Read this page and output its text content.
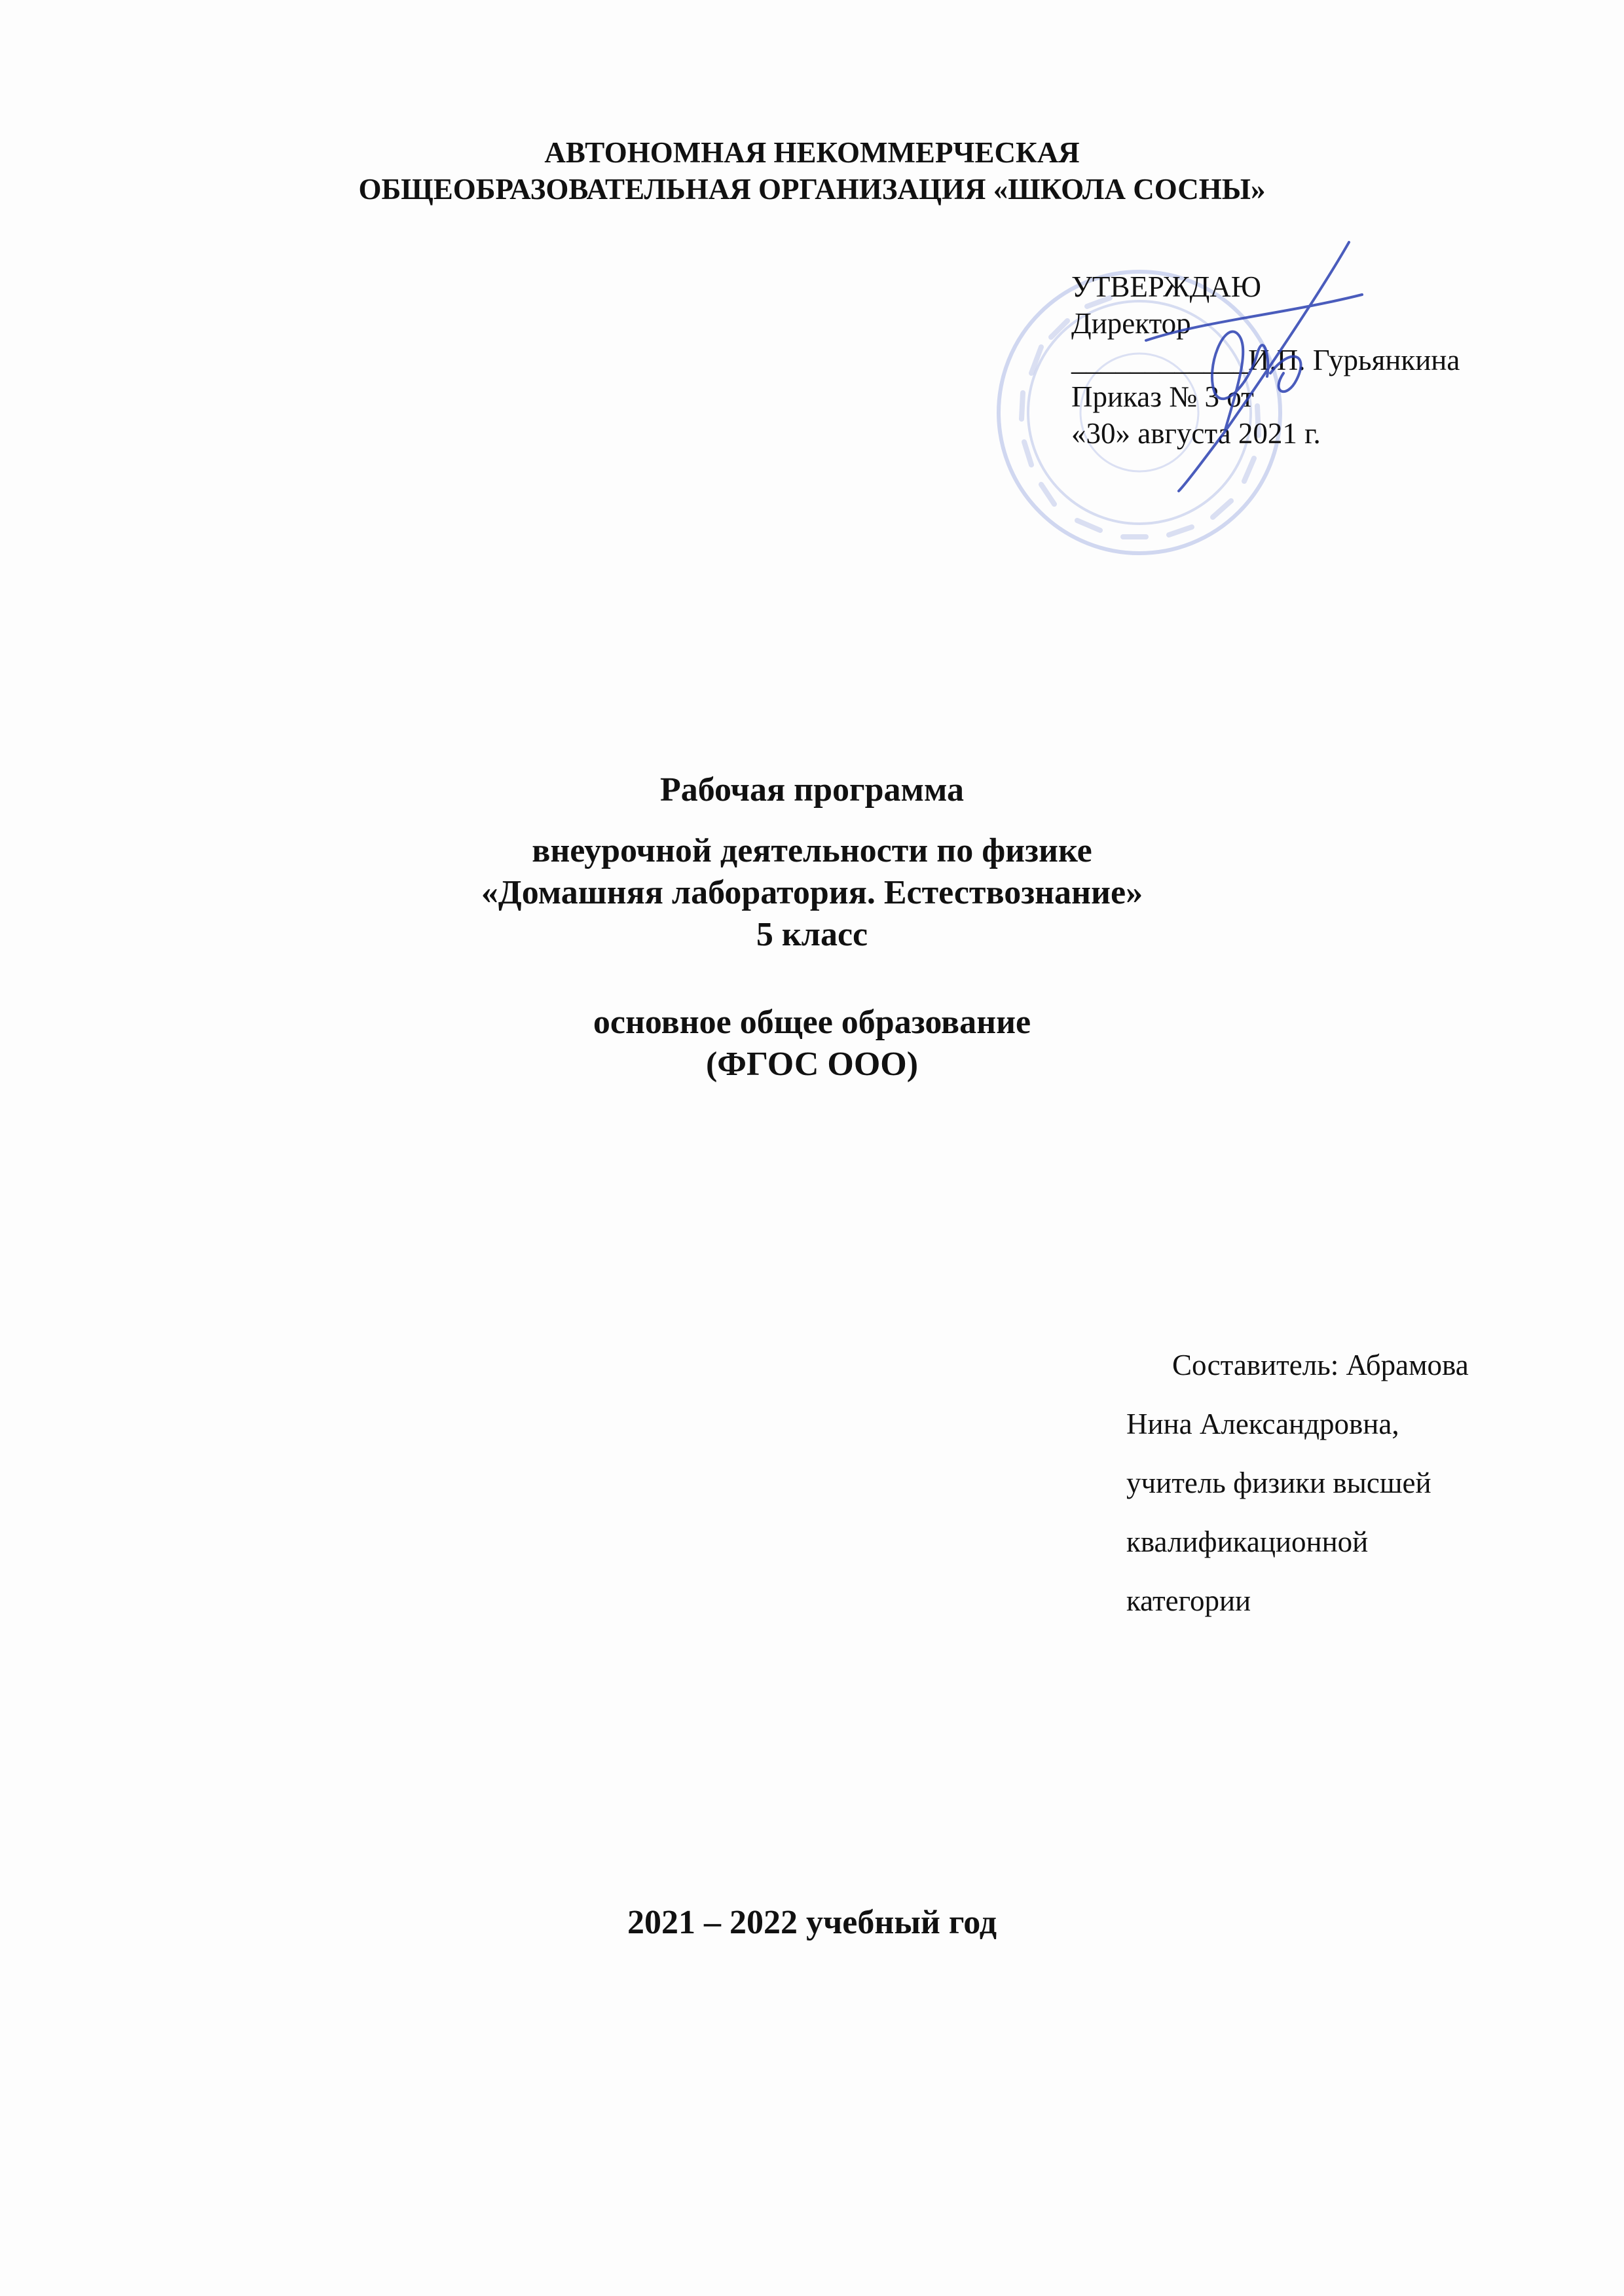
АВТОНОМНАЯ НЕКОММЕРЧЕСКАЯ
ОБЩЕОБРАЗОВАТЕЛЬНАЯ ОРГАНИЗАЦИЯ «ШКОЛА СОСНЫ»
УТВЕРЖДАЮ
Директор
____________И.П. Гурьянкина
Приказ № 3 от
«30» августа 2021 г.
Рабочая программа
внеурочной деятельности по физике
«Домашняя лаборатория. Естествознание»
5 класс
основное общее образование
(ФГОС ООО)
Составитель: Абрамова
Нина Александровна,
учитель физики высшей
квалификационной
категории
2021 – 2022 учебный год
